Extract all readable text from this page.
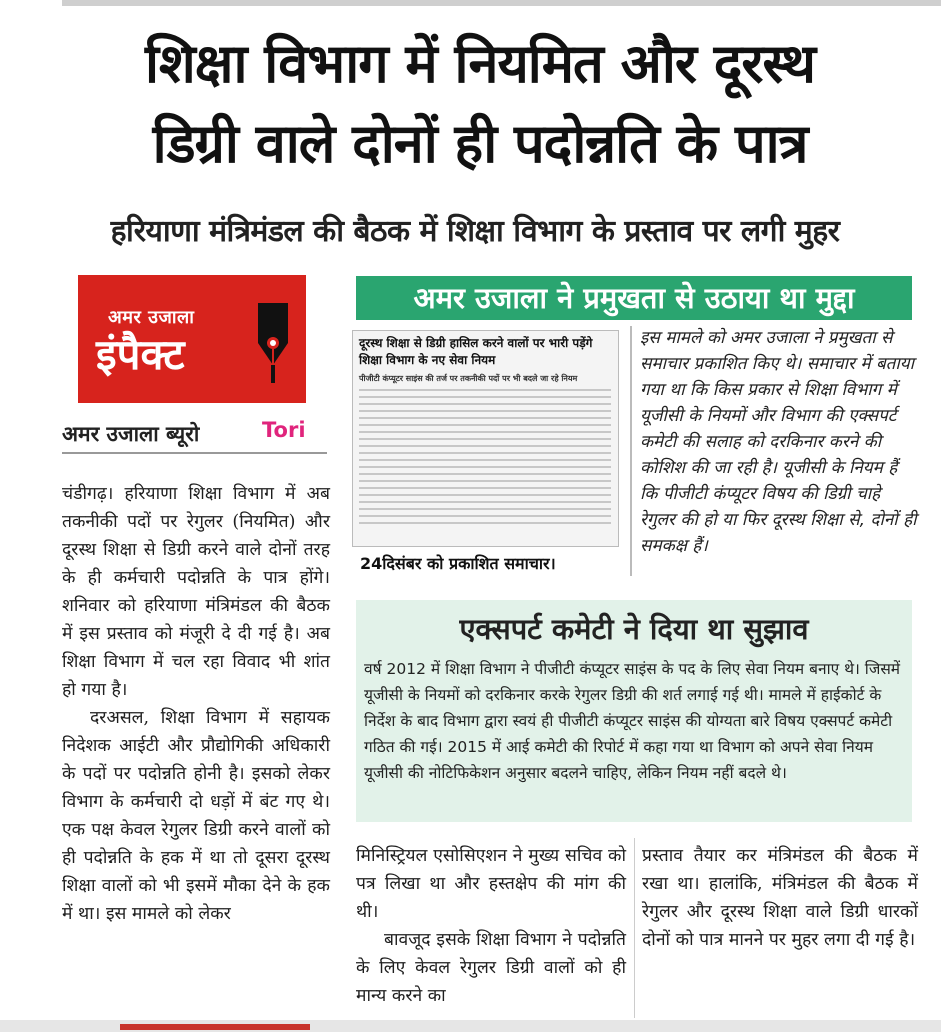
शिक्षा विभाग में नियमित और दूरस्थ
डिग्री वाले दोनों ही पदोन्नति के पात्र
हरियाणा मंत्रिमंडल की बैठक में शिक्षा विभाग के प्रस्ताव पर लगी मुहर
अमर उजाला
इंपैक्ट
अमर उजाला ब्यूरो	Tori

चंडीगढ़। हरियाणा शिक्षा विभाग में अब तकनीकी पदों पर रेगुलर (नियमित) और दूरस्थ शिक्षा से डिग्री करने वाले दोनों तरह के ही कर्मचारी पदोन्नति के पात्र होंगे। शनिवार को हरियाणा मंत्रिमंडल की बैठक में इस प्रस्ताव को मंजूरी दे दी गई है। अब शिक्षा विभाग में चल रहा विवाद भी शांत हो गया है।

दरअसल, शिक्षा विभाग में सहायक निदेशक आईटी और प्रौद्योगिकी अधिकारी के पदों पर पदोन्नति होनी है। इसको लेकर विभाग के कर्मचारी दो धड़ों में बंट गए थे। एक पक्ष केवल रेगुलर डिग्री करने वालों को ही पदोन्नति के हक में था तो दूसरा दूरस्थ शिक्षा वालों को भी इसमें मौका देने के हक में था। इस मामले को लेकर

अमर उजाला ने प्रमुखता से उठाया था मुद्दा
दूरस्थ शिक्षा से डिग्री हासिल करने वालों पर भारी पड़ेंगे शिक्षा विभाग के नए सेवा नियम
पीजीटी कंप्यूटर साइंस की तर्ज पर तकनीकी पदों पर भी बदले जा रहे नियम
24दिसंबर को प्रकाशित समाचार।
इस मामले को अमर उजाला ने प्रमुखता से समाचार प्रकाशित किए थे। समाचार में बताया गया था कि किस प्रकार से शिक्षा विभाग में यूजीसी के नियमों और विभाग की एक्सपर्ट कमेटी की सलाह को दरकिनार करने की कोशिश की जा रही है। यूजीसी के नियम हैं कि पीजीटी कंप्यूटर विषय की डिग्री चाहे रेगुलर की हो या फिर दूरस्थ शिक्षा से, दोनों ही समकक्ष हैं।
एक्सपर्ट कमेटी ने दिया था सुझाव
वर्ष 2012 में शिक्षा विभाग ने पीजीटी कंप्यूटर साइंस के पद के लिए सेवा नियम बनाए थे। जिसमें यूजीसी के नियमों को दरकिनार करके रेगुलर डिग्री की शर्त लगाई गई थी। मामले में हाईकोर्ट के निर्देश के बाद विभाग द्वारा स्वयं ही पीजीटी कंप्यूटर साइंस की योग्यता बारे विषय एक्सपर्ट कमेटी गठित की गई। 2015 में आई कमेटी की रिपोर्ट में कहा गया था विभाग को अपने सेवा नियम यूजीसी की नोटिफिकेशन अनुसार बदलने चाहिए, लेकिन नियम नहीं बदले थे।

मिनिस्ट्रियल एसोसिएशन ने मुख्य सचिव को पत्र लिखा था और हस्तक्षेप की मांग की थी।

बावजूद इसके शिक्षा विभाग ने पदोन्नति के लिए केवल रेगुलर डिग्री वालों को ही मान्य करने का

प्रस्ताव तैयार कर मंत्रिमंडल की बैठक में रखा था। हालांकि, मंत्रिमंडल की बैठक में रेगुलर और दूरस्थ शिक्षा वाले डिग्री धारकों दोनों को पात्र मानने पर मुहर लगा दी गई है।
